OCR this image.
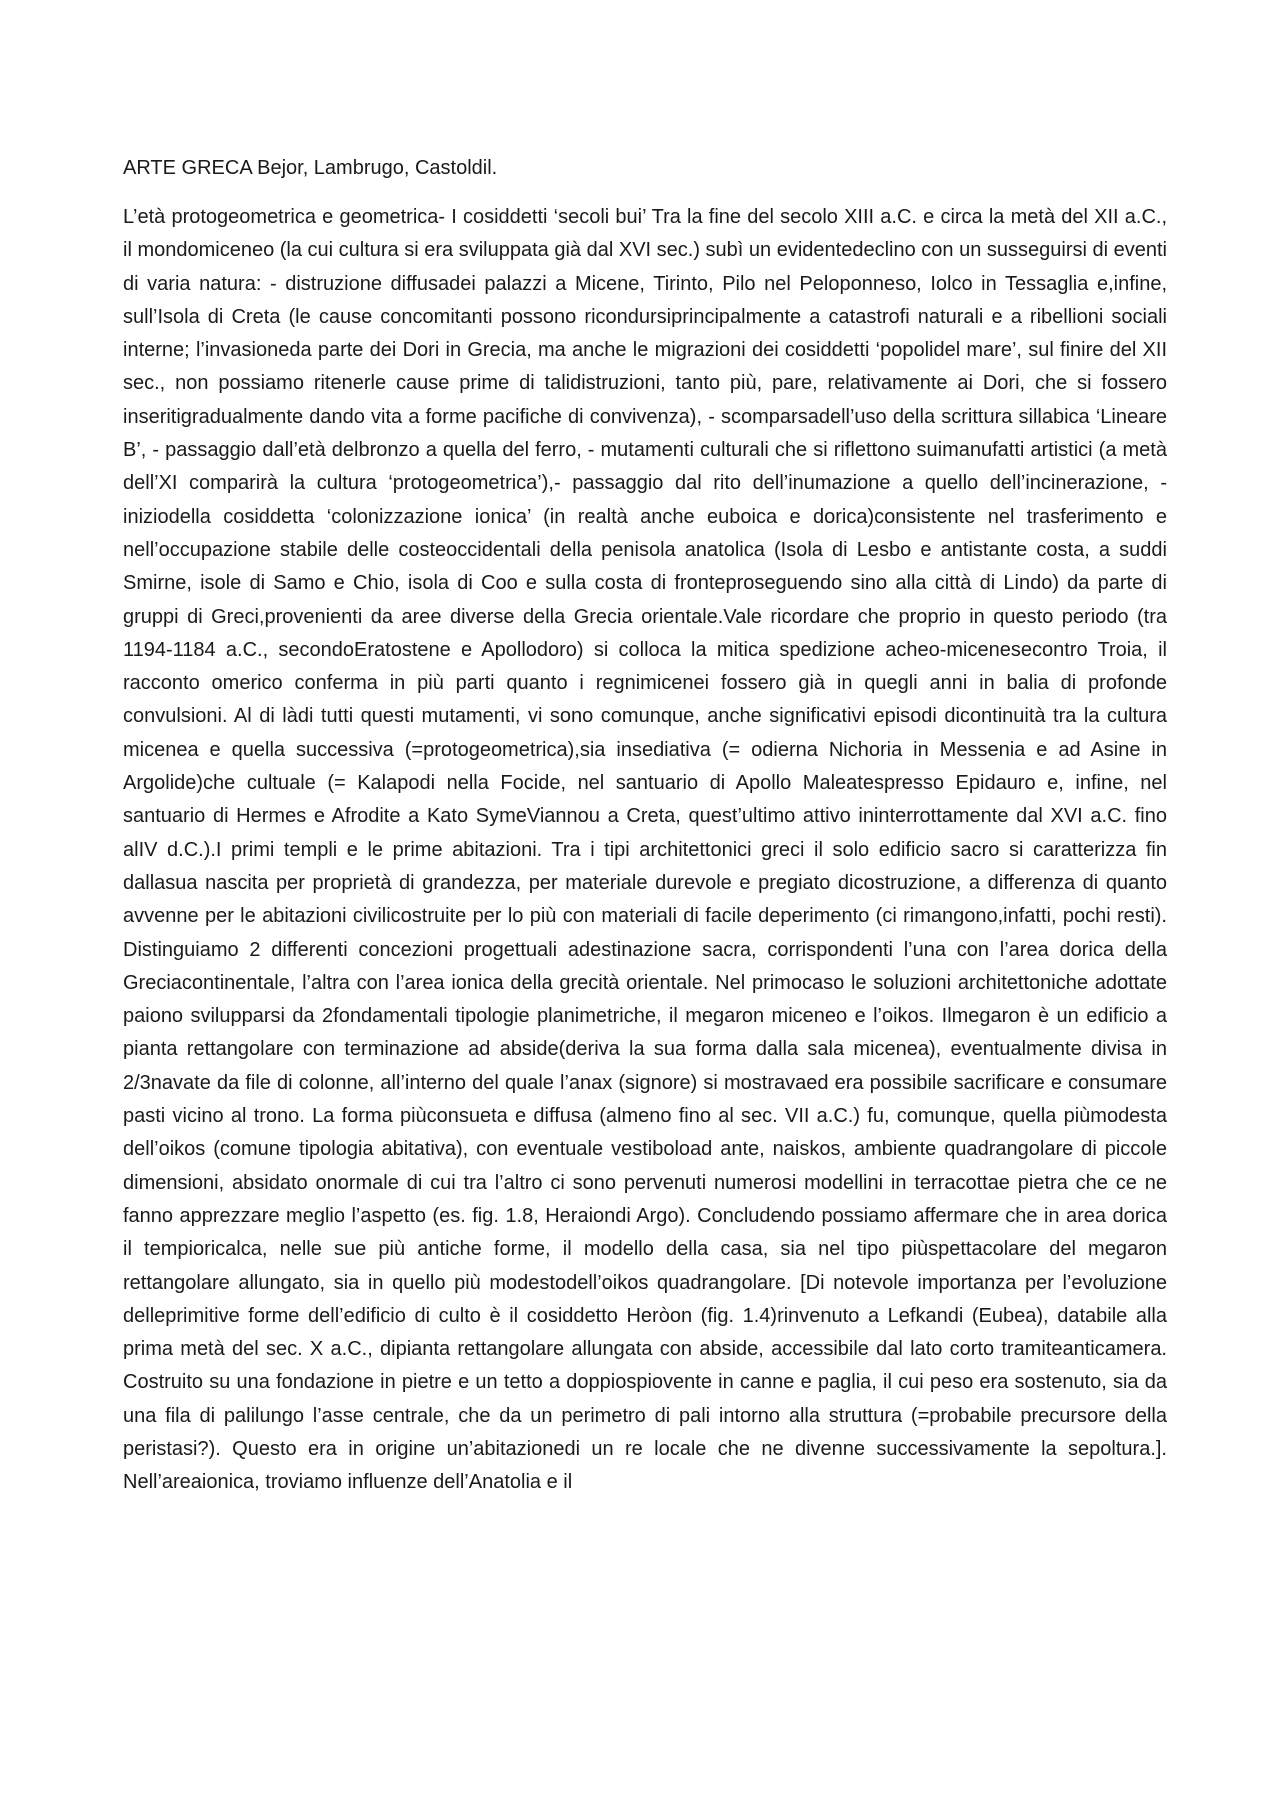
ARTE GRECA Bejor, Lambrugo, Castoldil.

L’età protogeometrica e geometrica- I cosiddetti ‘secoli bui’ Tra la fine del secolo XIII a.C. e circa la metà del XII a.C., il mondomiceneo (la cui cultura si era sviluppata già dal XVI sec.) subì un evidentedeclino con un susseguirsi di eventi di varia natura: - distruzione diffusadei palazzi a Micene, Tirinto, Pilo nel Peloponneso, Iolco in Tessaglia e,infine, sull’Isola di Creta (le cause concomitanti possono ricondursiprincipalmente a catastrofi naturali e a ribellioni sociali interne; l’invasioneda parte dei Dori in Grecia, ma anche le migrazioni dei cosiddetti ‘popolidel mare’, sul finire del XII sec., non possiamo ritenerle cause prime di talidistruzioni, tanto più, pare, relativamente ai Dori, che si fossero inseritigradualmente dando vita a forme pacifiche di convivenza), - scomparsadell’uso della scrittura sillabica ‘Lineare B’, - passaggio dall’età delbronzo a quella del ferro, - mutamenti culturali che si riflettono suimanufatti artistici (a metà dell’XI comparirà la cultura ‘protogeometrica’),- passaggio dal rito dell’inumazione a quello dell’incinerazione, - iniziodella cosiddetta ‘colonizzazione ionica’ (in realtà anche euboica e dorica)consistente nel trasferimento e nell’occupazione stabile delle costeoccidentali della penisola anatolica (Isola di Lesbo e antistante costa, a suddi Smirne, isole di Samo e Chio, isola di Coo e sulla costa di fronteproseguendo sino alla città di Lindo) da parte di gruppi di Greci,provenienti da aree diverse della Grecia orientale.Vale ricordare che proprio in questo periodo (tra 1194-1184 a.C., secondoEratostene e Apollodoro) si colloca la mitica spedizione acheo-micenesecontro Troia, il racconto omerico conferma in più parti quanto i regnimicenei fossero già in quegli anni in balia di profonde convulsioni. Al di làdi tutti questi mutamenti, vi sono comunque, anche significativi episodi dicontinuità tra la cultura micenea e quella successiva (=protogeometrica),sia insediativa (= odierna Nichoria in Messenia e ad Asine in Argolide)che cultuale (= Kalapodi nella Focide, nel santuario di Apollo Maleatespresso Epidauro e, infine, nel santuario di Hermes e Afrodite a Kato SymeViannou a Creta, quest’ultimo attivo ininterrottamente dal XVI a.C. fino alIV d.C.).I primi templi e le prime abitazioni. Tra i tipi architettonici greci il solo edificio sacro si caratterizza fin dallasua nascita per proprietà di grandezza, per materiale durevole e pregiato dicostruzione, a differenza di quanto avvenne per le abitazioni civilicostruite per lo più con materiali di facile deperimento (ci rimangono,infatti, pochi resti). Distinguiamo 2 differenti concezioni progettuali adestinazione sacra, corrispondenti l’una con l’area dorica della Greciacontinentale, l’altra con l’area ionica della grecità orientale. Nel primocaso le soluzioni architettoniche adottate paiono svilupparsi da 2fondamentali tipologie planimetriche, il megaron miceneo e l’oikos. Ilmegaron è un edificio a pianta rettangolare con terminazione ad abside(deriva la sua forma dalla sala micenea), eventualmente divisa in 2/3navate da file di colonne, all’interno del quale l’anax (signore) si mostravaed era possibile sacrificare e consumare pasti vicino al trono. La forma piùconsueta e diffusa (almeno fino al sec. VII a.C.) fu, comunque, quella piùmodesta dell’oikos (comune tipologia abitativa), con eventuale vestiboload ante, naiskos, ambiente quadrangolare di piccole dimensioni, absidato onormale di cui tra l’altro ci sono pervenuti numerosi modellini in terracottae pietra che ce ne fanno apprezzare meglio l’aspetto (es. fig. 1.8, Heraiondi Argo). Concludendo possiamo affermare che in area dorica il tempioricalca, nelle sue più antiche forme, il modello della casa, sia nel tipo piùspettacolare del megaron rettangolare allungato, sia in quello più modestodell’oikos quadrangolare. [Di notevole importanza per l’evoluzione delleprimitive forme dell’edificio di culto è il cosiddetto Heròon (fig. 1.4)rinvenuto a Lefkandi (Eubea), databile alla prima metà del sec. X a.C., dipianta rettangolare allungata con abside, accessibile dal lato corto tramiteanticamera. Costruito su una fondazione in pietre e un tetto a doppiospiovente in canne e paglia, il cui peso era sostenuto, sia da una fila di palilungo l’asse centrale, che da un perimetro di pali intorno alla struttura (=probabile precursore della peristasi?). Questo era in origine un’abitazionedi un re locale che ne divenne successivamente la sepoltura.]. Nell’areaionica, troviamo influenze dell’Anatolia e il
